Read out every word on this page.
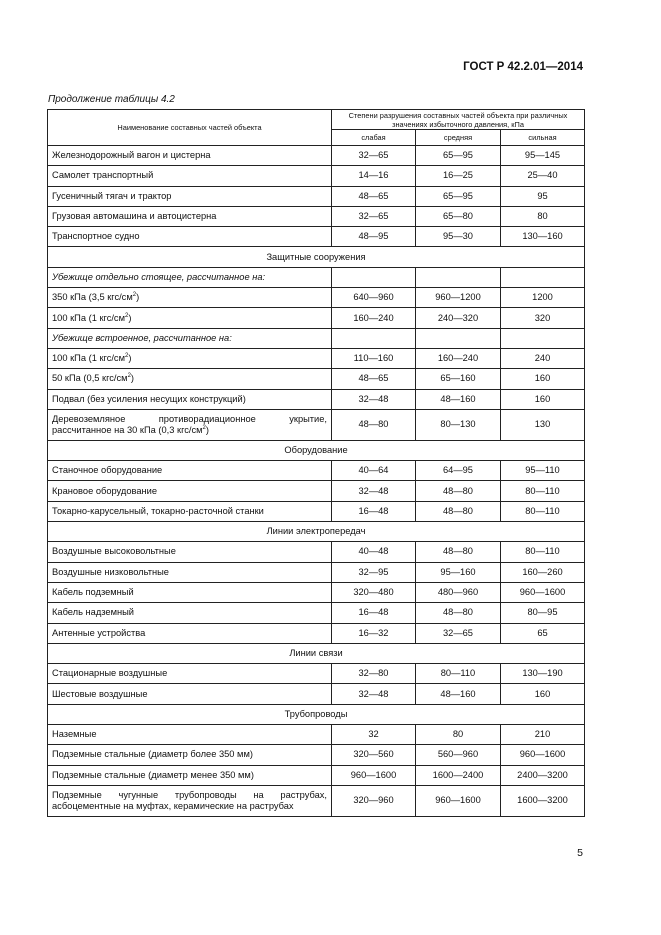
ГОСТ Р 42.2.01—2014
Продолжение таблицы 4.2
Наименование составных частей объекта	Степени разрушения составных частей объекта при различных значениях избыточного давления, кПа		
	слабая	средняя	сильная
Железнодорожный вагон и цистерна	32—65	65—95	95—145
Самолет транспортный	14—16	16—25	25—40
Гусеничный тягач и трактор	48—65	65—95	95
Грузовая автомашина и автоцистерна	32—65	65—80	80
Транспортное судно	48—95	95—30	130—160
Защитные сооружения			
Убежище отдельно стоящее, рассчитанное на:			
350 кПа (3,5 кгс/$см^2$)	640—960	960—1200	1200
100 кПа (1 кгс/$см^2$)	160—240	240—320	320
Убежище встроенное, рассчитанное на:			
100 кПа (1 кгс/$см^2$)	110—160	160—240	240
50 кПа (0,5 кгс/$см^2$)	48—65	65—160	160
Подвал (без усиления несущих конструкций)	32—48	48—160	160
Деревоземляное противорадиационное укрытие, рассчитанное на 30 кПа (0,3 кгс/$см^2$)	48—80	80—130	130
Оборудование			
Станочное оборудование	40—64	64—95	95—110
Крановое оборудование	32—48	48—80	80—110
Токарно-карусельный, токарно-расточной станки	16—48	48—80	80—110
Линии электропередач			
Воздушные высоковольтные	40—48	48—80	80—110
Воздушные низковольтные	32—95	95—160	160—260
Кабель подземный	320—480	480—960	960—1600
Кабель надземный	16—48	48—80	80—95
Антенные устройства	16—32	32—65	65
Линии связи			
Стационарные воздушные	32—80	80—110	130—190
Шестовые воздушные	32—48	48—160	160
Трубопроводы			
Наземные	32	80	210
Подземные стальные (диаметр более 350 мм)	320—560	560—960	960—1600
Подземные стальные (диаметр менее 350 мм)	960—1600	1600—2400	2400—3200
Подземные чугунные трубопроводы на раструбах, асбоцементные на муфтах, керамические на раструбах	320—960	960—1600	1600—3200
5
